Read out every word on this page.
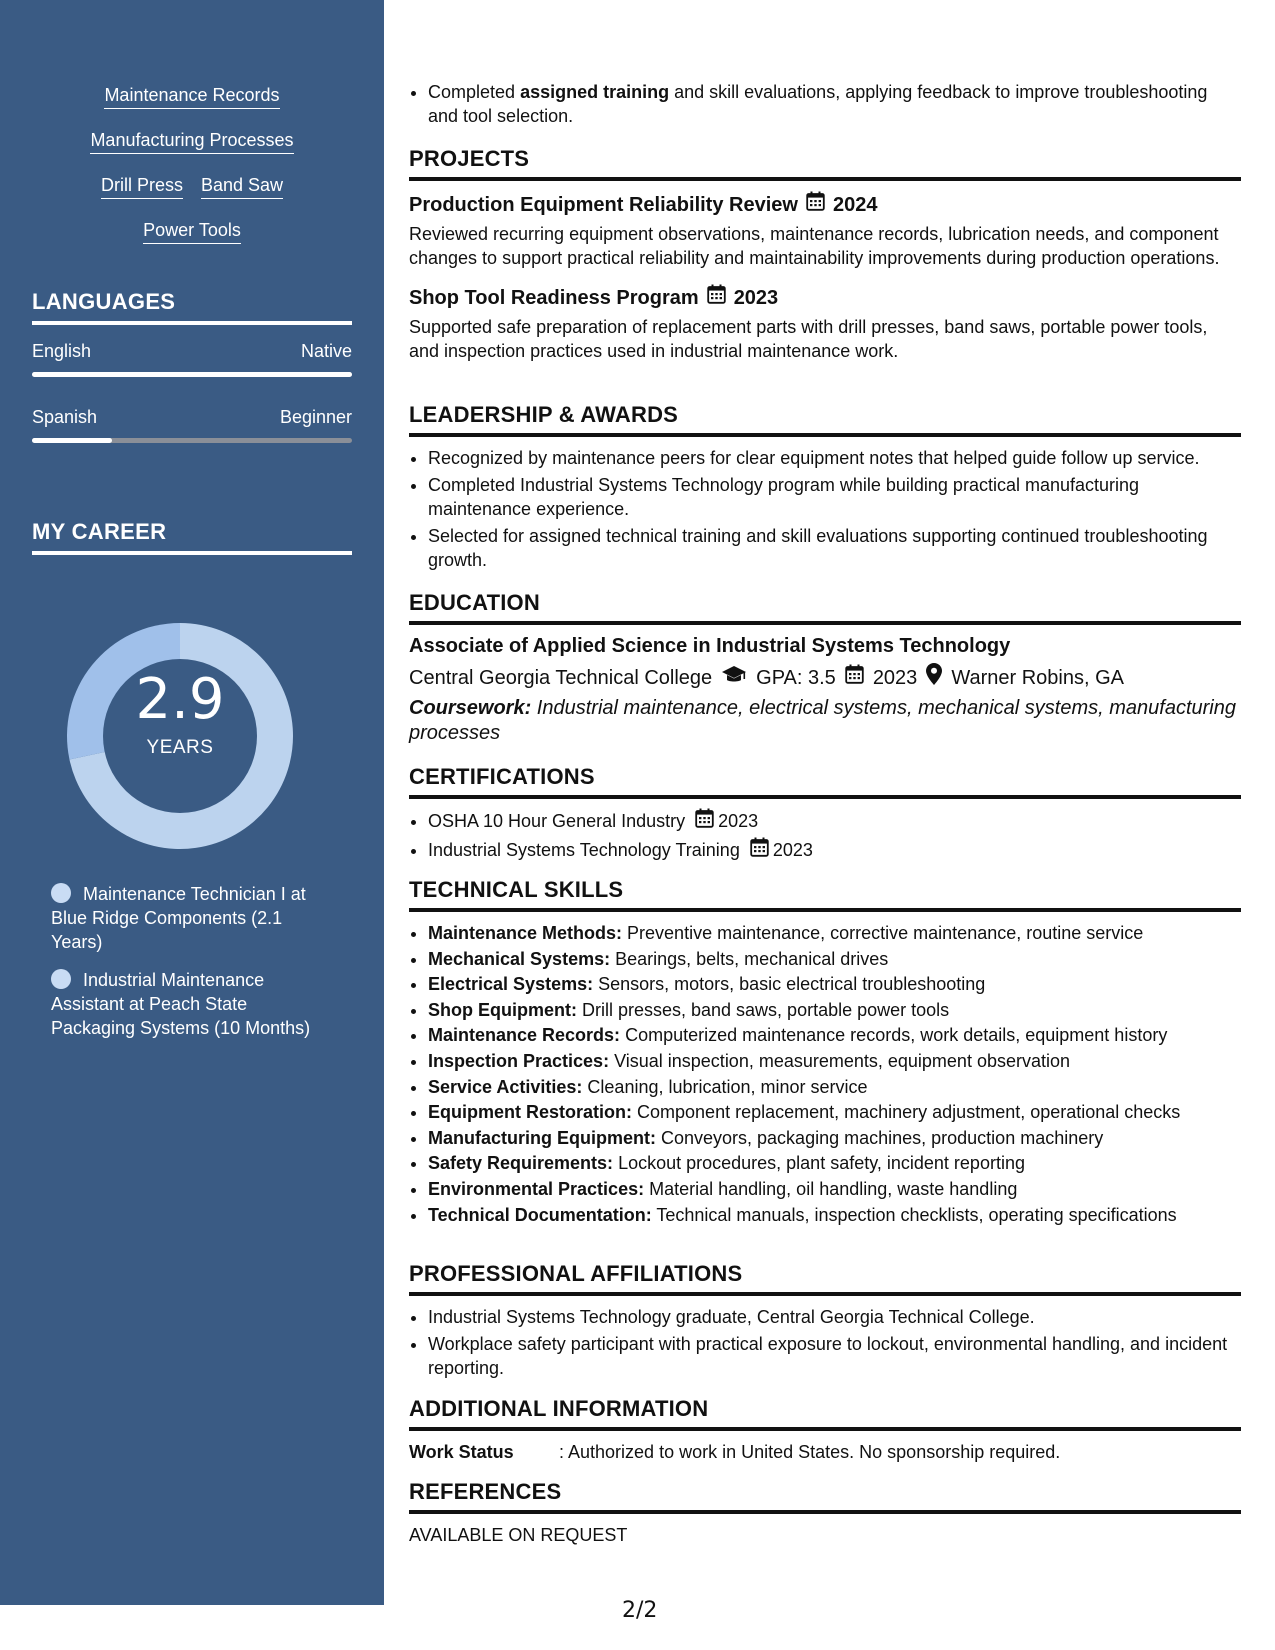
Maintenance Records
Manufacturing Processes
Drill Press Band Saw
Power Tools
LANGUAGES
English	Native
Spanish	Beginner
MY CAREER
2.9
YEARS
Maintenance Technician I at Blue Ridge Components (2.1 Years)
Industrial Maintenance Assistant at Peach State Packaging Systems (10 Months)
• Completed assigned training and skill evaluations, applying feedback to improve troubleshooting and tool selection.
PROJECTS
Production Equipment Reliability Review 2024
Reviewed recurring equipment observations, maintenance records, lubrication needs, and component changes to support practical reliability and maintainability improvements during production operations.
Shop Tool Readiness Program 2023
Supported safe preparation of replacement parts with drill presses, band saws, portable power tools, and inspection practices used in industrial maintenance work.
LEADERSHIP & AWARDS
• Recognized by maintenance peers for clear equipment notes that helped guide follow up service.
• Completed Industrial Systems Technology program while building practical manufacturing maintenance experience.
• Selected for assigned technical training and skill evaluations supporting continued troubleshooting growth.
EDUCATION
Associate of Applied Science in Industrial Systems Technology
Central Georgia Technical College GPA: 3.5 2023 Warner Robins, GA
Coursework: Industrial maintenance, electrical systems, mechanical systems, manufacturing processes
CERTIFICATIONS
• OSHA 10 Hour General Industry 2023
• Industrial Systems Technology Training 2023
TECHNICAL SKILLS
• Maintenance Methods: Preventive maintenance, corrective maintenance, routine service
• Mechanical Systems: Bearings, belts, mechanical drives
• Electrical Systems: Sensors, motors, basic electrical troubleshooting
• Shop Equipment: Drill presses, band saws, portable power tools
• Maintenance Records: Computerized maintenance records, work details, equipment history
• Inspection Practices: Visual inspection, measurements, equipment observation
• Service Activities: Cleaning, lubrication, minor service
• Equipment Restoration: Component replacement, machinery adjustment, operational checks
• Manufacturing Equipment: Conveyors, packaging machines, production machinery
• Safety Requirements: Lockout procedures, plant safety, incident reporting
• Environmental Practices: Material handling, oil handling, waste handling
• Technical Documentation: Technical manuals, inspection checklists, operating specifications
PROFESSIONAL AFFILIATIONS
• Industrial Systems Technology graduate, Central Georgia Technical College.
• Workplace safety participant with practical exposure to lockout, environmental handling, and incident reporting.
ADDITIONAL INFORMATION
Work Status	: Authorized to work in United States. No sponsorship required.
REFERENCES
AVAILABLE ON REQUEST
2/2
